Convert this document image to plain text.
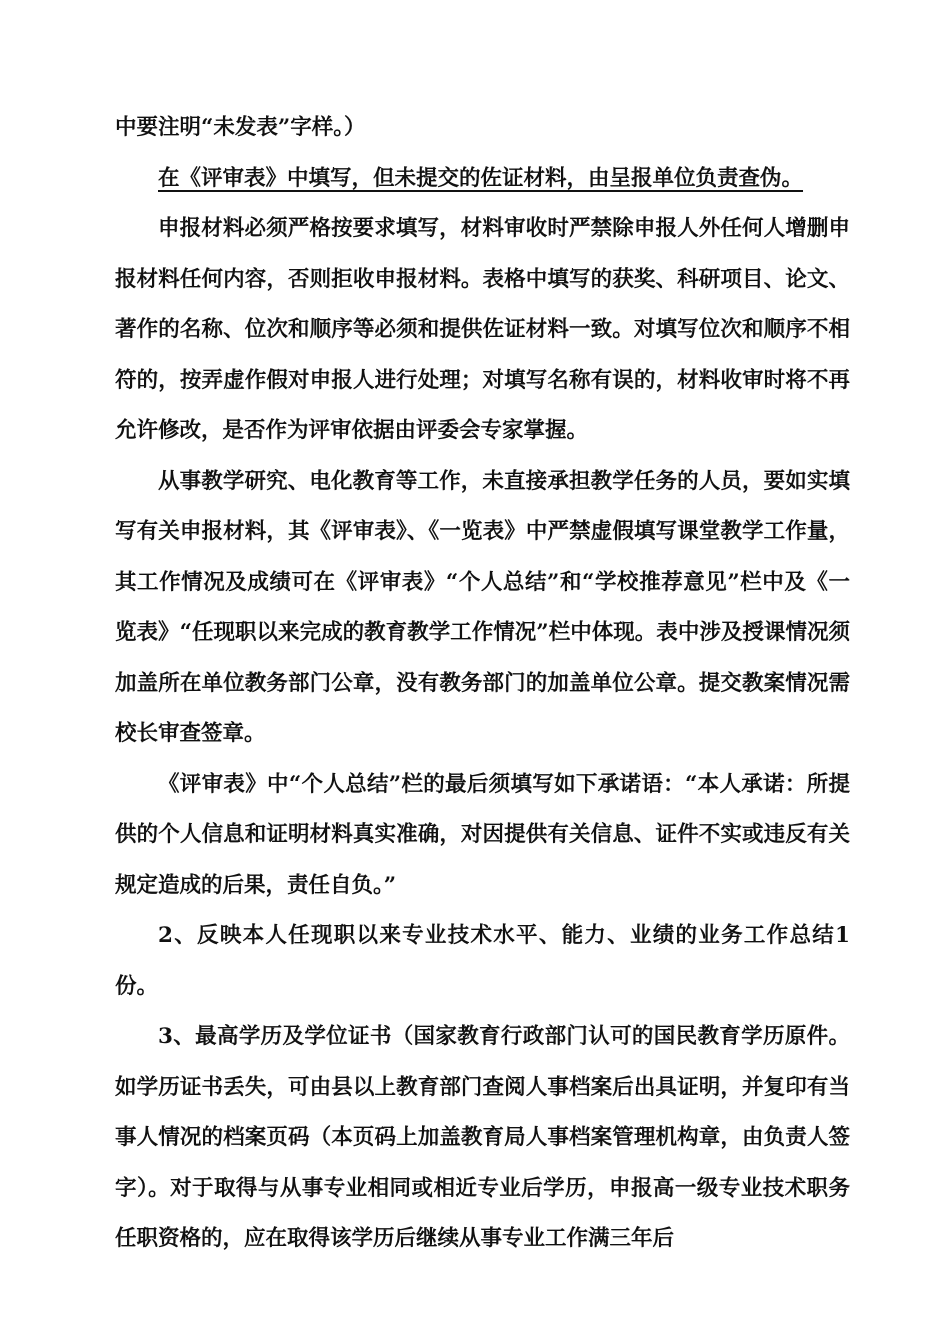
中要注明“未发表”字样。）

在《评审表》中填写，但未提交的佐证材料，由呈报单位负责查伪。

申报材料必须严格按要求填写，材料审收时严禁除申报人外任何人增删申报材料任何内容，否则拒收申报材料。表格中填写的获奖、科研项目、论文、著作的名称、位次和顺序等必须和提供佐证材料一致。对填写位次和顺序不相符的，按弄虚作假对申报人进行处理；对填写名称有误的，材料收审时将不再允许修改，是否作为评审依据由评委会专家掌握。

从事教学研究、电化教育等工作，未直接承担教学任务的人员，要如实填写有关申报材料，其《评审表》、《一览表》中严禁虚假填写课堂教学工作量，其工作情况及成绩可在《评审表》“个人总结”和“学校推荐意见”栏中及《一览表》“任现职以来完成的教育教学工作情况”栏中体现。表中涉及授课情况须加盖所在单位教务部门公章，没有教务部门的加盖单位公章。提交教案情况需校长审查签章。

《评审表》中“个人总结”栏的最后须填写如下承诺语：“本人承诺：所提供的个人信息和证明材料真实准确，对因提供有关信息、证件不实或违反有关规定造成的后果，责任自负。”

2、反映本人任现职以来专业技术水平、能力、业绩的业务工作总结1份。

3、最高学历及学位证书（国家教育行政部门认可的国民教育学历原件。如学历证书丢失，可由县以上教育部门查阅人事档案后出具证明，并复印有当事人情况的档案页码（本页码上加盖教育局人事档案管理机构章，由负责人签字）。对于取得与从事专业相同或相近专业后学历，申报高一级专业技术职务任职资格的，应在取得该学历后继续从事专业工作满三年后
